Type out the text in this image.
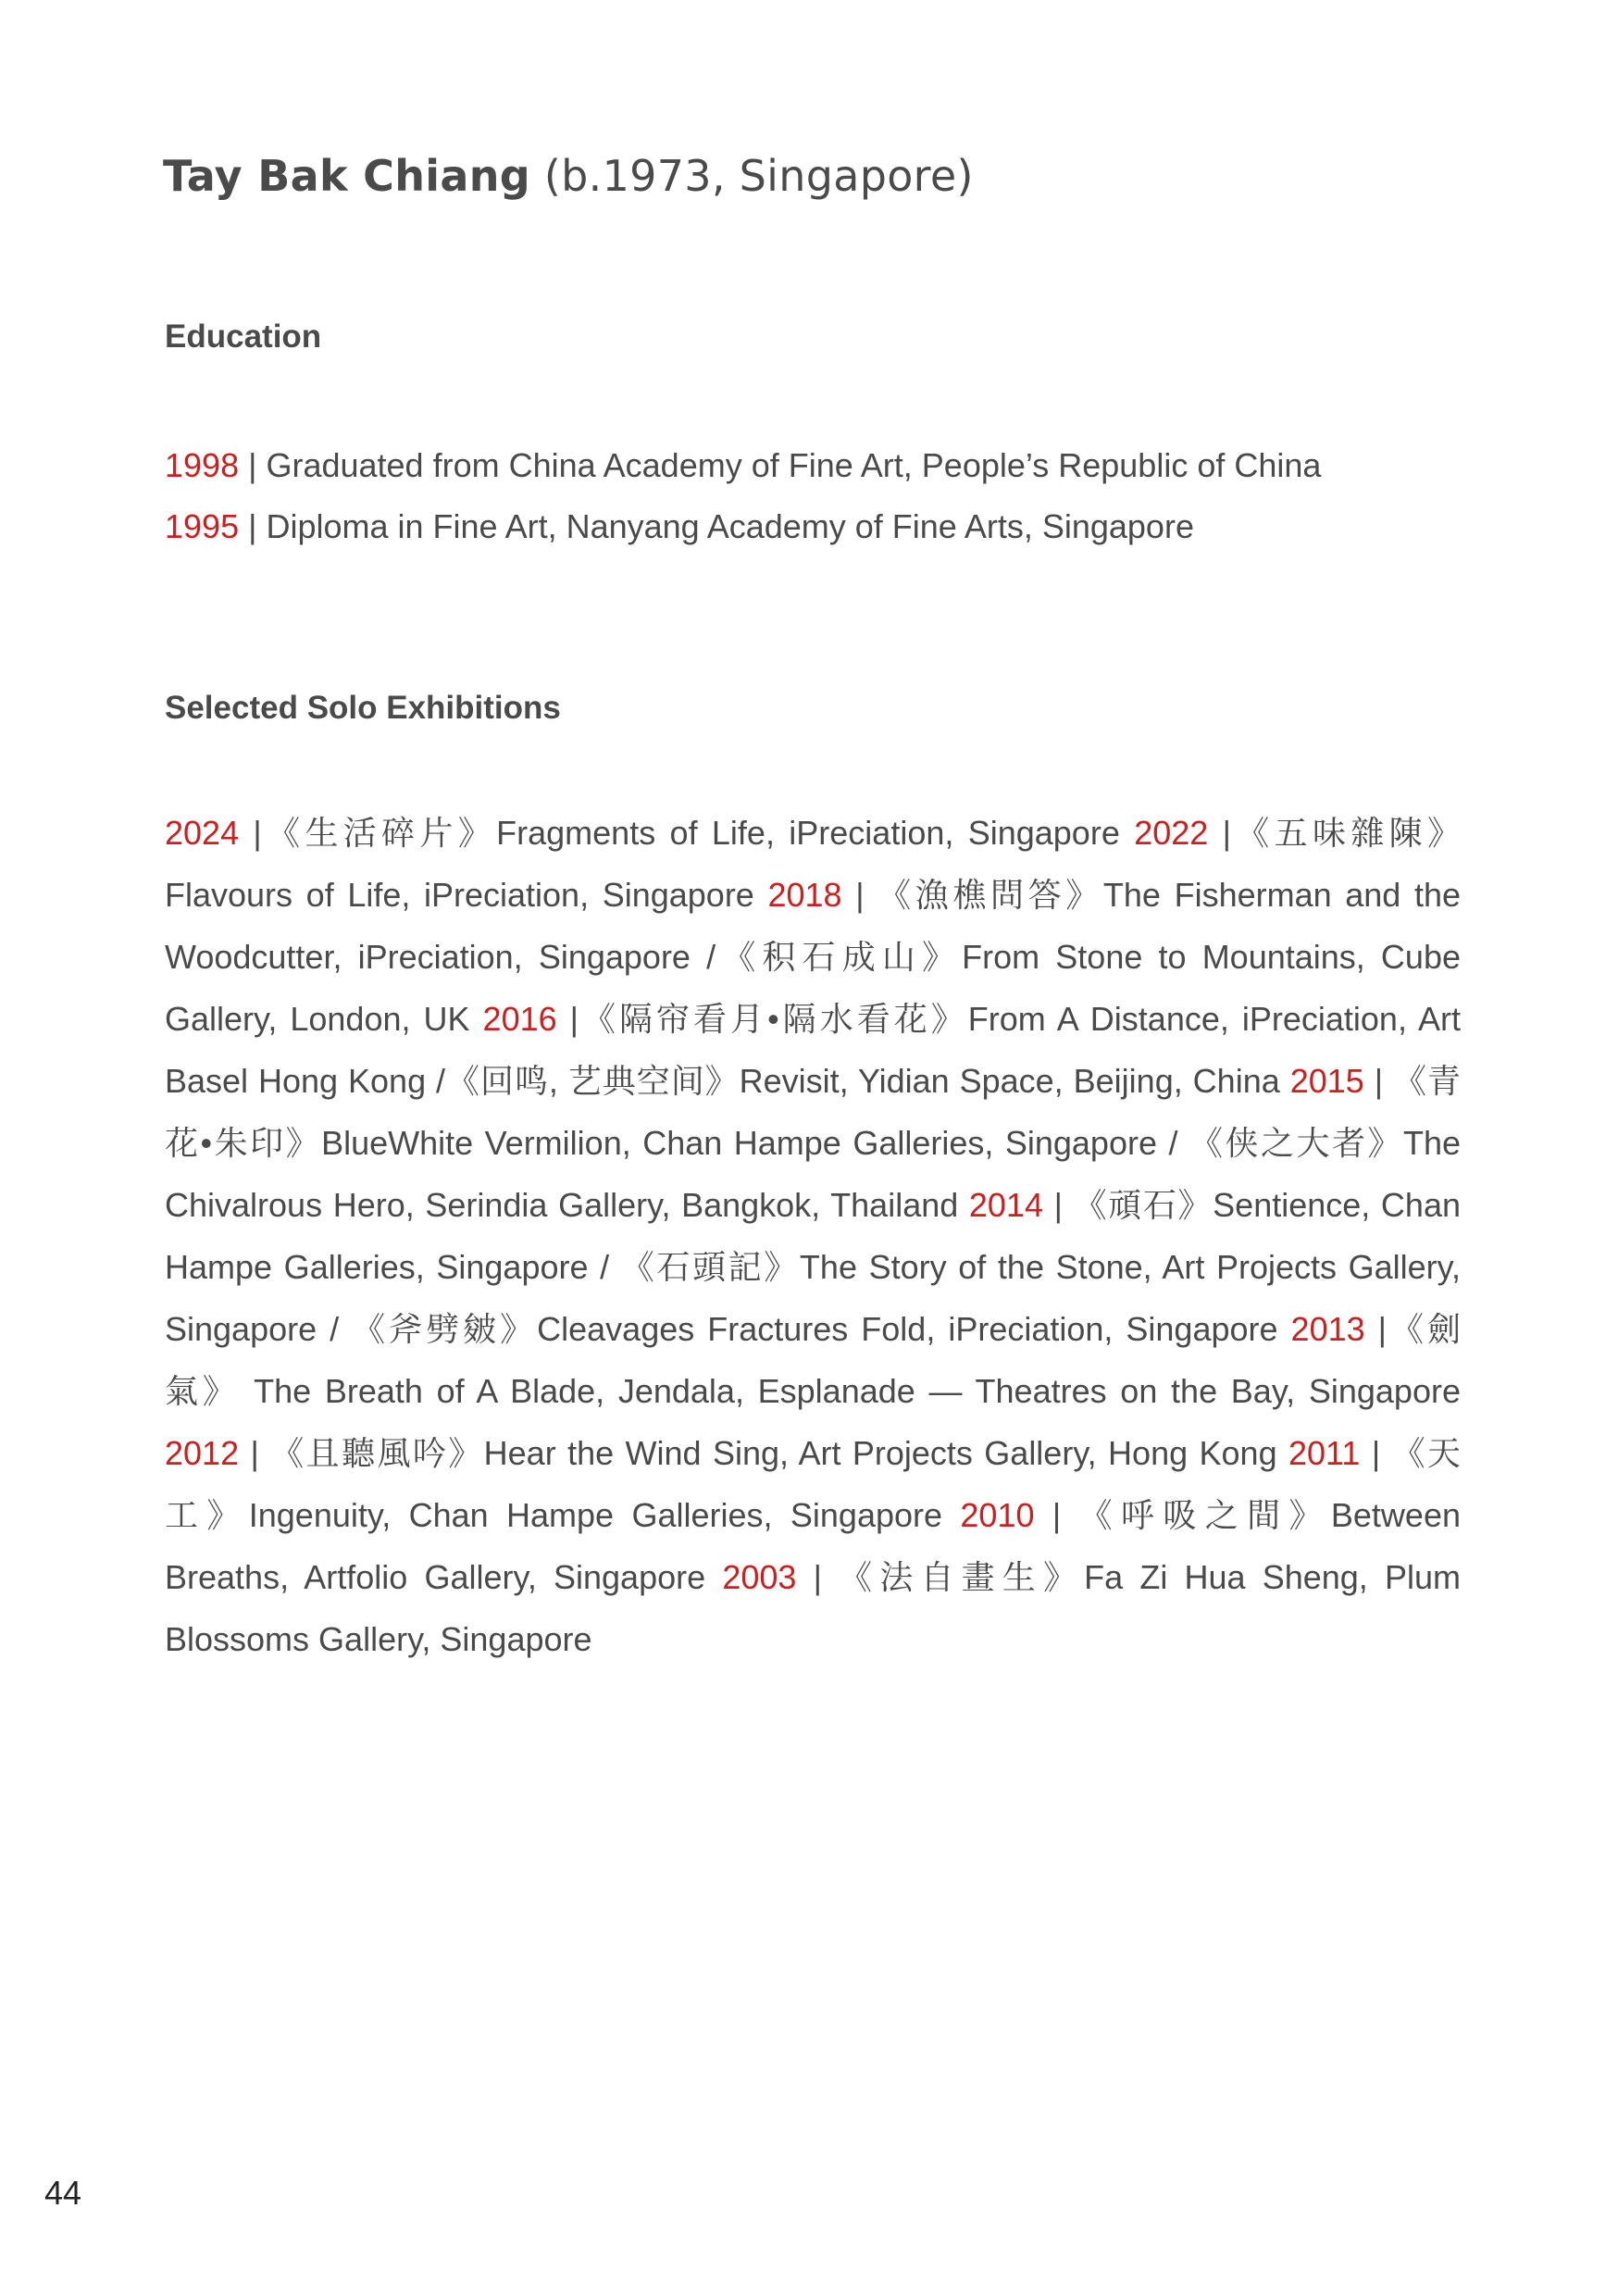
Tay Bak Chiang (b.1973, Singapore)
Education
1998 | Graduated from China Academy of Fine Art, People’s Republic of China
1995 | Diploma in Fine Art, Nanyang Academy of Fine Arts, Singapore
Selected Solo Exhibitions

2024 |《生活碎片》Fragments of Life, iPreciation, Singapore 2022 |《五味雜陳》Flavours of Life, iPreciation, Singapore 2018 | 《漁樵問答》The Fisherman and the Woodcutter, iPreciation, Singapore /《积石成山》From Stone to Mountains, Cube Gallery, London, UK 2016 |《隔帘看月•隔水看花》From A Distance, iPreciation, Art Basel Hong Kong /《回鸣, 艺典空间》Revisit, Yidian Space, Beijing, China 2015 | 《青花•朱印》BlueWhite Vermilion, Chan Hampe Galleries, Singapore / 《侠之大者》The Chivalrous Hero, Serindia Gallery, Bangkok, Thailand 2014 | 《頑石》Sentience, Chan Hampe Galleries, Singapore / 《石頭記》The Story of the Stone, Art Projects Gallery, Singapore / 《斧劈皴》Cleavages Fractures Fold, iPreciation, Singapore 2013 |《劍氣》 The Breath of A Blade, Jendala, Esplanade — Theatres on the Bay, Singapore 2012 | 《且聽風吟》Hear the Wind Sing, Art Projects Gallery, Hong Kong 2011 | 《天工》Ingenuity, Chan Hampe Galleries, Singapore 2010 | 《呼吸之間》Between Breaths, Artfolio Gallery, Singapore 2003 | 《法自畫生》Fa Zi Hua Sheng, Plum Blossoms Gallery, Singapore

44
